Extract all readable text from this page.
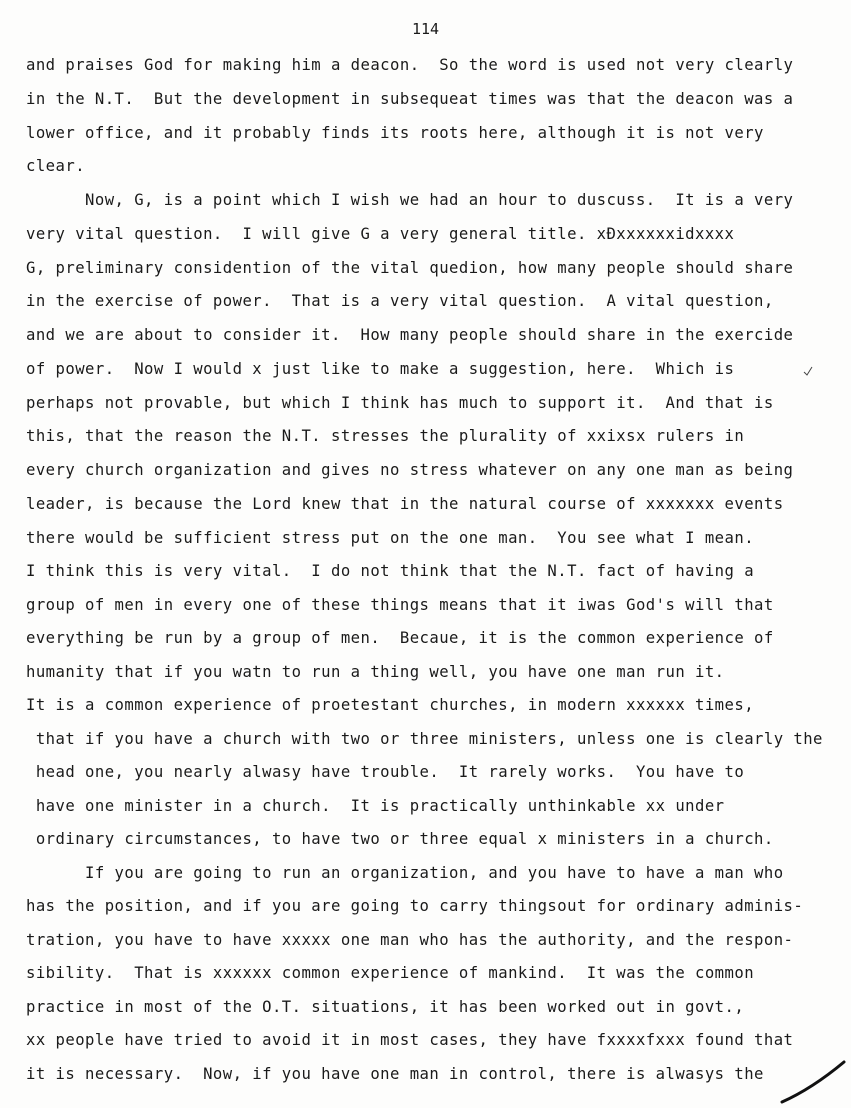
114
and praises God for making him a deacon.  So the word is used not very clearly
in the N.T.  But the development in subsequeat times was that the deacon was a
lower office, and it probably finds its roots here, although it is not very
clear.
Now, G, is a point which I wish we had an hour to duscuss.  It is a very
very vital question.  I will give G a very general title. xĐxxxxxxidxxxx
G, preliminary considention of the vital quedion, how many people should share
in the exercise of power.  That is a very vital question.  A vital question,
and we are about to consider it.  How many people should share in the exercide
of power.  Now I would x just like to make a suggestion, here.  Which is
perhaps not provable, but which I think has much to support it.  And that is
this, that the reason the N.T. stresses the plurality of xxixsx rulers in
every church organization and gives no stress whatever on any one man as being
leader, is because the Lord knew that in the natural course of xxxxxxx events
there would be sufficient stress put on the one man.  You see what I mean.
I think this is very vital.  I do not think that the N.T. fact of having a
group of men in every one of these things means that it iwas God's will that
everything be run by a group of men.  Becaue, it is the common experience of
humanity that if you watn to run a thing well, you have one man run it.
It is a common experience of proetestant churches, in modern xxxxxx times,
that if you have a church with two or three ministers, unless one is clearly the
head one, you nearly alwasy have trouble.  It rarely works.  You have to
have one minister in a church.  It is practically unthinkable xx under
ordinary circumstances, to have two or three equal x ministers in a church.
If you are going to run an organization, and you have to have a man who
has the position, and if you are going to carry thingsout for ordinary adminis-
tration, you have to have xxxxx one man who has the authority, and the respon-
sibility.  That is xxxxxx common experience of mankind.  It was the common
practice in most of the O.T. situations, it has been worked out in govt.,
xx people have tried to avoid it in most cases, they have fxxxxfxxx found that
it is necessary.  Now, if you have one man in control, there is alwasys the
